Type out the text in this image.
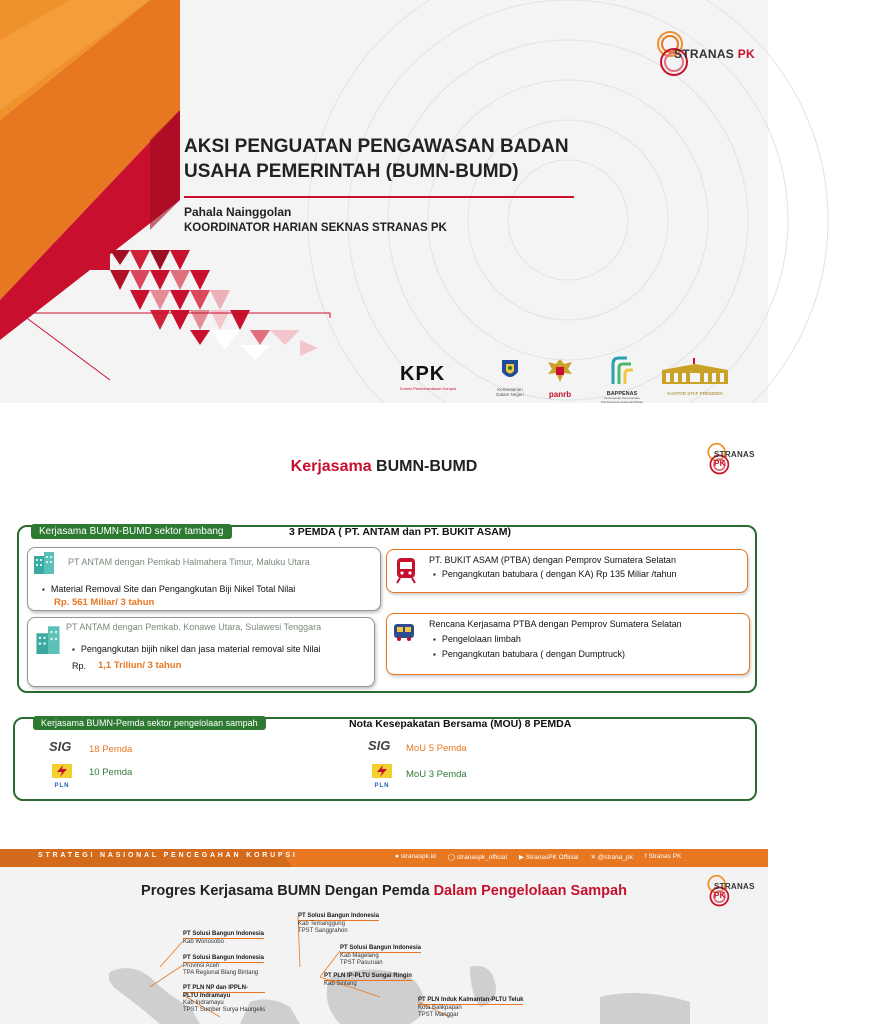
AKSI PENGUATAN PENGAWASAN BADAN
USAHA PEMERINTAH (BUMN-BUMD)
Pahala Nainggolan
KOORDINATOR HARIAN SEKNAS STRANAS PK
STRANAS PK
KPK
Komisi Pemberantasan Korupsi	Kementerian
Dalam Negeri	panrb	BAPPENAS
Kementerian Perencanaan Pembangunan Nasional/ Badan
KANTOR STAF PRESIDEN
Kerjasama BUMN-BUMD
STRANAS PK
Kerjasama BUMN-BUMD sektor tambang	3 PEMDA ( PT. ANTAM dan PT. BUKIT ASAM)
PT ANTAM dengan Pemkab Halmahera Timur, Maluku Utara
▪ Material Removal Site dan Pengangkutan Biji Nikel Total Nilai
Rp. 561 Miliar/ 3 tahun
PT ANTAM dengan Pemkab. Konawe Utara, Sulawesi Tenggara
▪ Pengangkutan bijih nikel dan jasa material removal site Nilai
Rp. 1,1 Triliun/ 3 tahun
PT. BUKIT ASAM (PTBA) dengan Pemprov Sumatera Selatan
▪ Pengangkutan batubara ( dengan KA) Rp 135 Miliar /tahun
Rencana Kerjasama PTBA dengan Pemprov Sumatera Selatan
▪ Pengelolaan limbah
▪ Pengangkutan batubara ( dengan Dumptruck)
Kerjasama BUMN-Pemda sektor pengelolaan sampah	Nota Kesepakatan Bersama (MOU) 8 PEMDA
SIG 18 Pemda
PLN
10 Pemda
SIG MoU 5 Pemda
PLN
MoU 3 Pemda
STRATEGI NASIONAL PENCEGAHAN KORUPSI	● stranaspk.id ◯ stranaspk_official ▶ StranasPK Official ✕ @strana_pk f Stranas PK
Progres Kerjasama BUMN Dengan Pemda Dalam Pengelolaan Sampah	STRANAS PK
PT Solusi Bangun Indonesia
Kab Wonosobo
PT Solusi Bangun Indonesia
Provinsi Aceh
TPA Regional Blang Bintang
PT PLN NP dan IPPLN-
PLTU Indramayu
Kab Indramayu
TPST Sumber Surya Haurgelis
PT Solusi Bangun Indonesia
Kab Temanggung
TPST Sanggrahon
PT Solusi Bangun Indonesia
Kab Magelang
TPST Pasuruan
PT PLN IP-PLTU Sungai Ringin
Kab Sintang
PT PLN Induk Kalmantan-PLTU Teluk
Kota Balikpapan
TPST Manggar
